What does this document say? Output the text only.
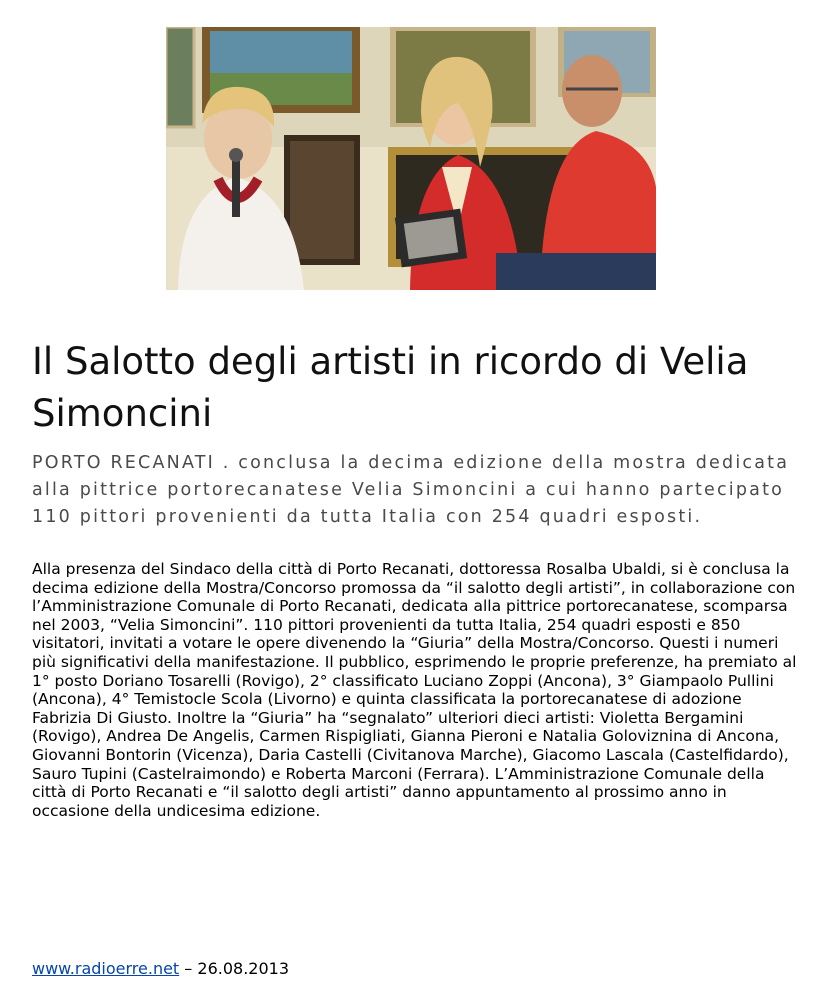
Il Salotto degli artisti in ricordo di Velia Simoncini

PORTO RECANATI . conclusa la decima edizione della mostra dedicata alla pittrice portorecanatese Velia Simoncini a cui hanno partecipato 110 pittori provenienti da tutta Italia con 254 quadri esposti.

Alla presenza del Sindaco della città di Porto Recanati, dottoressa Rosalba Ubaldi, si è conclusa la decima edizione della Mostra/Concorso promossa da “il salotto degli artisti”, in collaborazione con l’Amministrazione Comunale di Porto Recanati, dedicata alla pittrice portorecanatese, scomparsa nel 2003, “Velia Simoncini”. 110 pittori provenienti da tutta Italia, 254 quadri esposti e 850 visitatori, invitati a votare le opere divenendo la “Giuria” della Mostra/Concorso. Questi i numeri più significativi della manifestazione. Il pubblico, esprimendo le proprie preferenze, ha premiato al 1° posto Doriano Tosarelli (Rovigo), 2° classificato Luciano Zoppi (Ancona), 3° Giampaolo Pullini (Ancona), 4° Temistocle Scola (Livorno) e quinta classificata la portorecanatese di adozione Fabrizia Di Giusto. Inoltre la “Giuria” ha “segnalato” ulteriori dieci artisti: Violetta Bergamini (Rovigo), Andrea De Angelis, Carmen Rispigliati, Gianna Pieroni e Natalia Goloviznina di Ancona, Giovanni Bontorin (Vicenza), Daria Castelli (Civitanova Marche), Giacomo Lascala (Castelfidardo), Sauro Tupini (Castelraimondo) e Roberta Marconi (Ferrara). L’Amministrazione Comunale della città di Porto Recanati e “il salotto degli artisti” danno appuntamento al prossimo anno in occasione della undicesima edizione.

www.radioerre.net – 26.08.2013
